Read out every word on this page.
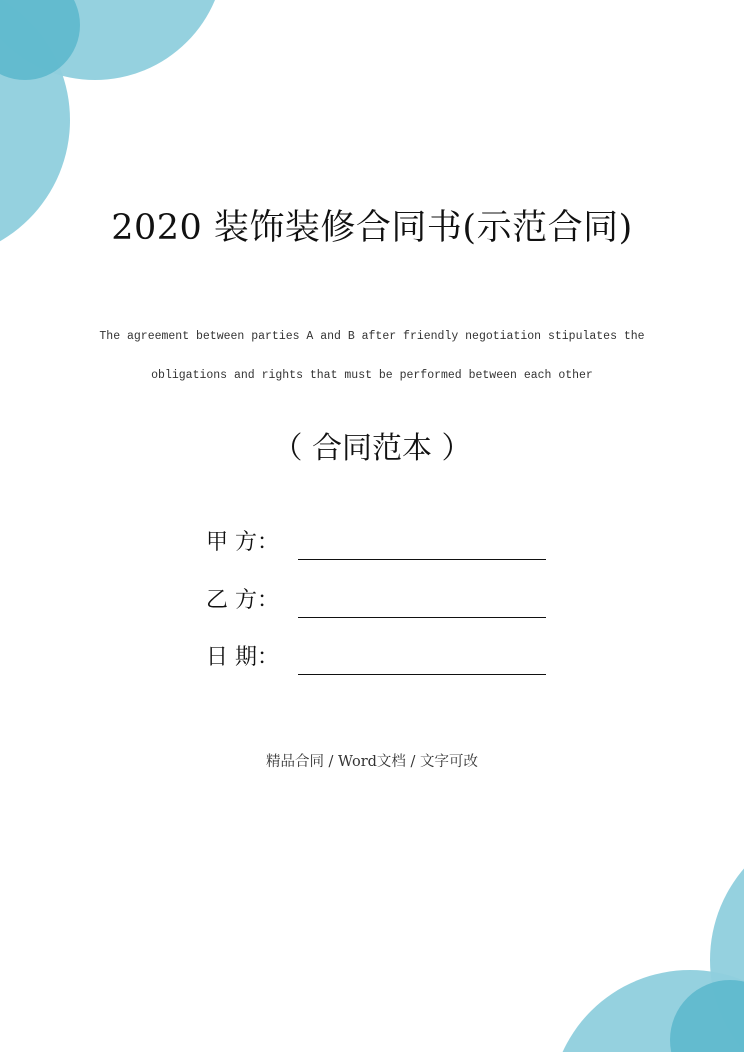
2020 装饰装修合同书(示范合同)
The agreement between parties A and B after friendly negotiation stipulates the
obligations and rights that must be performed between each other
（ 合同范本 ）
甲 方：
乙 方：
日 期：
精品合同 / Word文档 / 文字可改
